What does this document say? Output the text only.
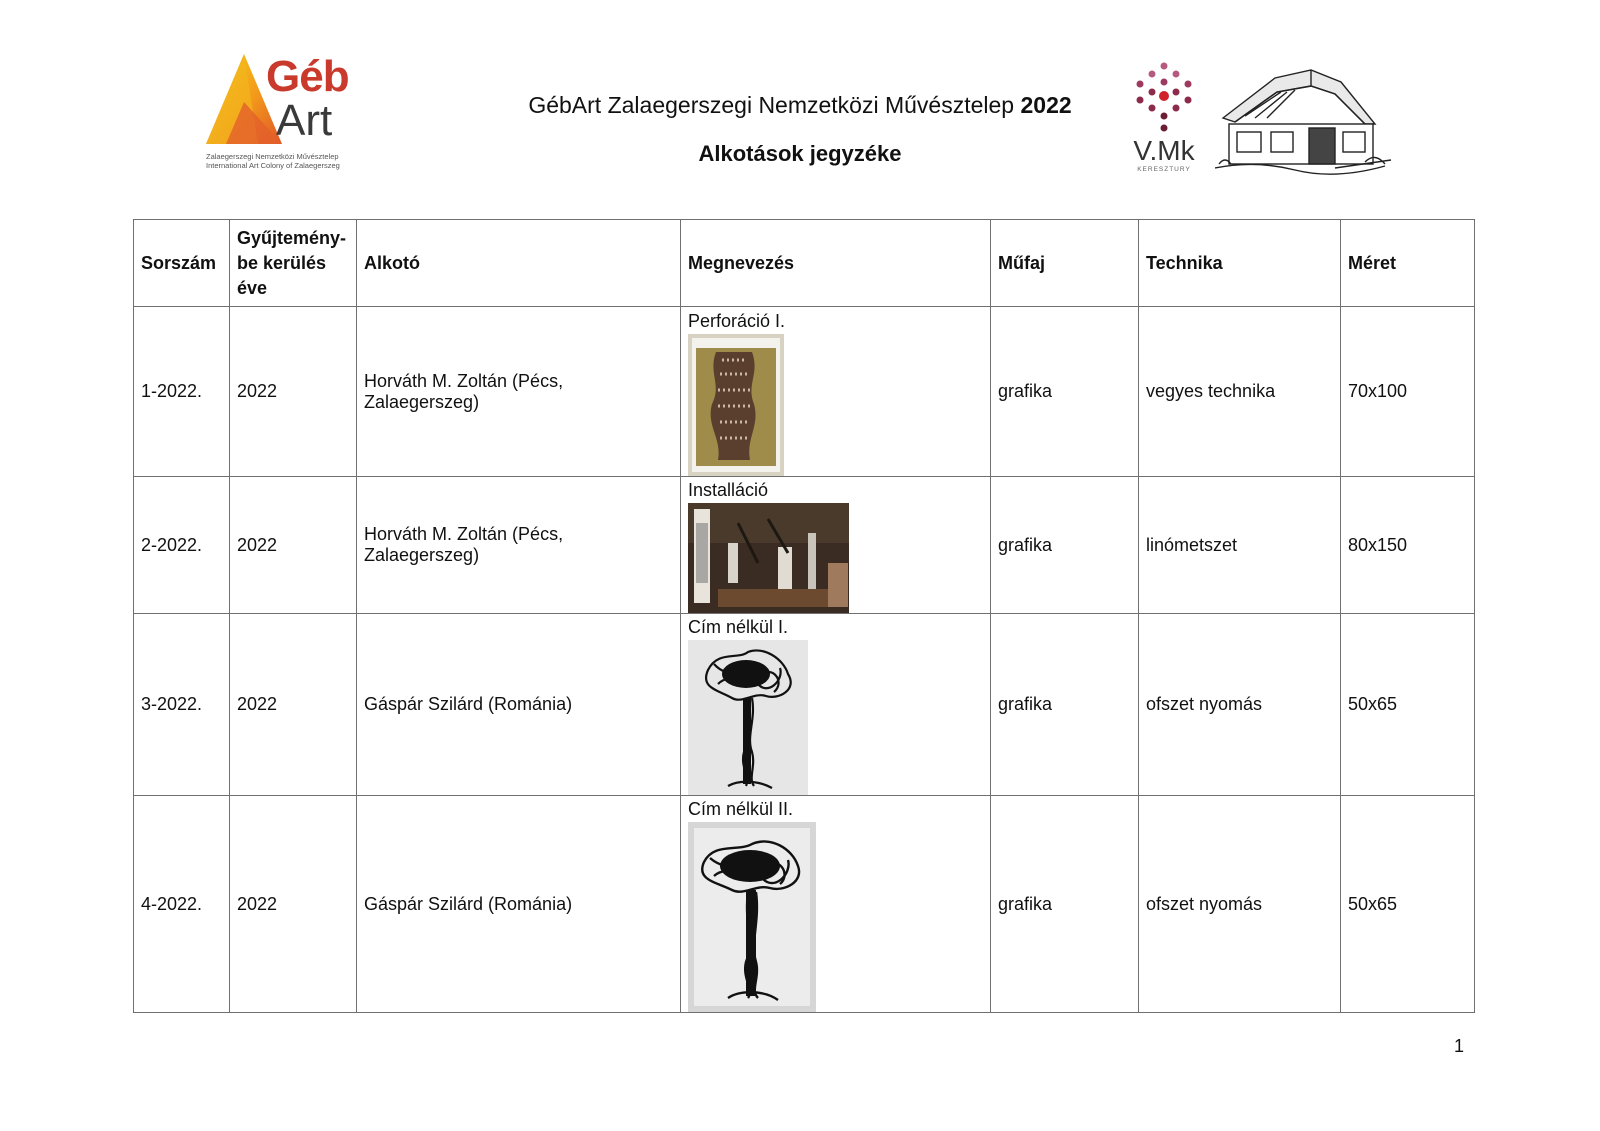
Géb
Art
Zalaegerszegi Nemzetközi Művésztelep
International Art Colony of Zalaegerszeg
GébArt Zalaegerszegi Nemzetközi Művésztelep 2022
Alkotások jegyzéke	V.Mk
KERESZTURY
Sorszám	Gyűjtemény-be kerülés éve	Alkotó	Megnevezés	Műfaj	Technika	Méret
1-2022.	2022	Horváth M. Zoltán (Pécs, Zalaegerszeg)	Perforáció I.	grafika	vegyes technika	70x100
2-2022.	2022	Horváth M. Zoltán (Pécs, Zalaegerszeg)	Installáció	grafika	linómetszet	80x150
3-2022.	2022	Gáspár Szilárd (Románia)	Cím nélkül I.	grafika	ofszet nyomás	50x65
4-2022.	2022	Gáspár Szilárd (Románia)	Cím nélkül II.	grafika	ofszet nyomás	50x65
1
